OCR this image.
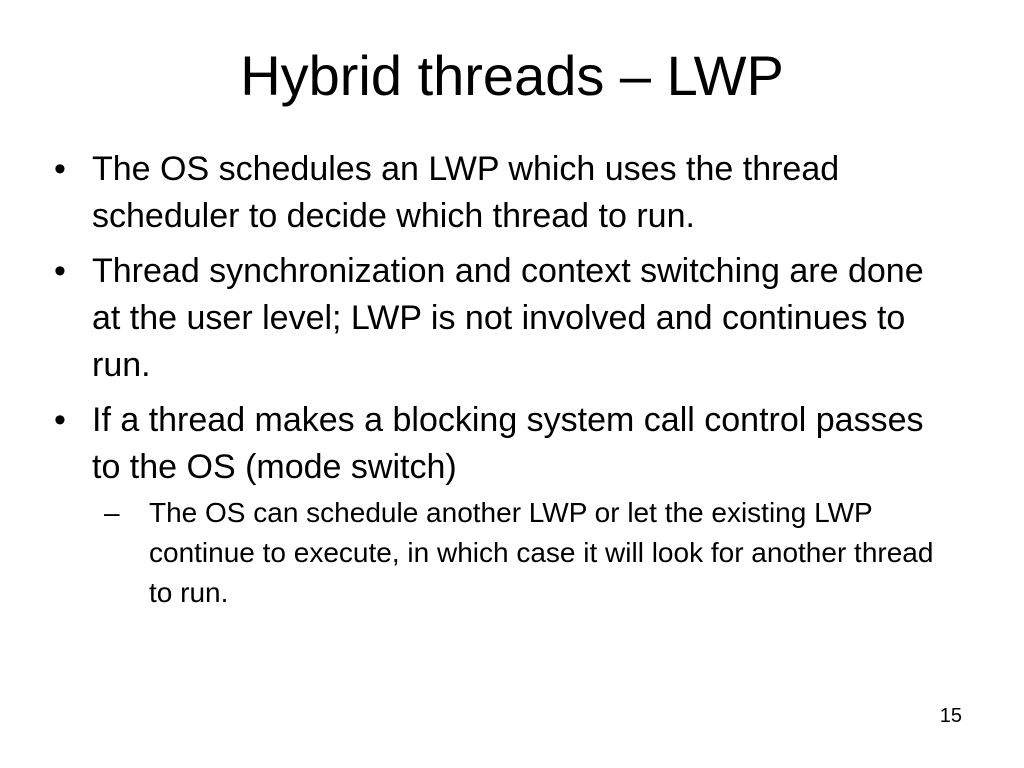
Hybrid threads – LWP
• The OS schedules an LWP which uses the thread scheduler to decide which thread to run.
• Thread synchronization and context switching are done at the user level; LWP is not involved and continues to run.
• If a thread makes a blocking system call control passes to the OS (mode switch)
–	The OS can schedule another LWP or let the existing LWP continue to execute, in which case it will look for another thread to run.
15
